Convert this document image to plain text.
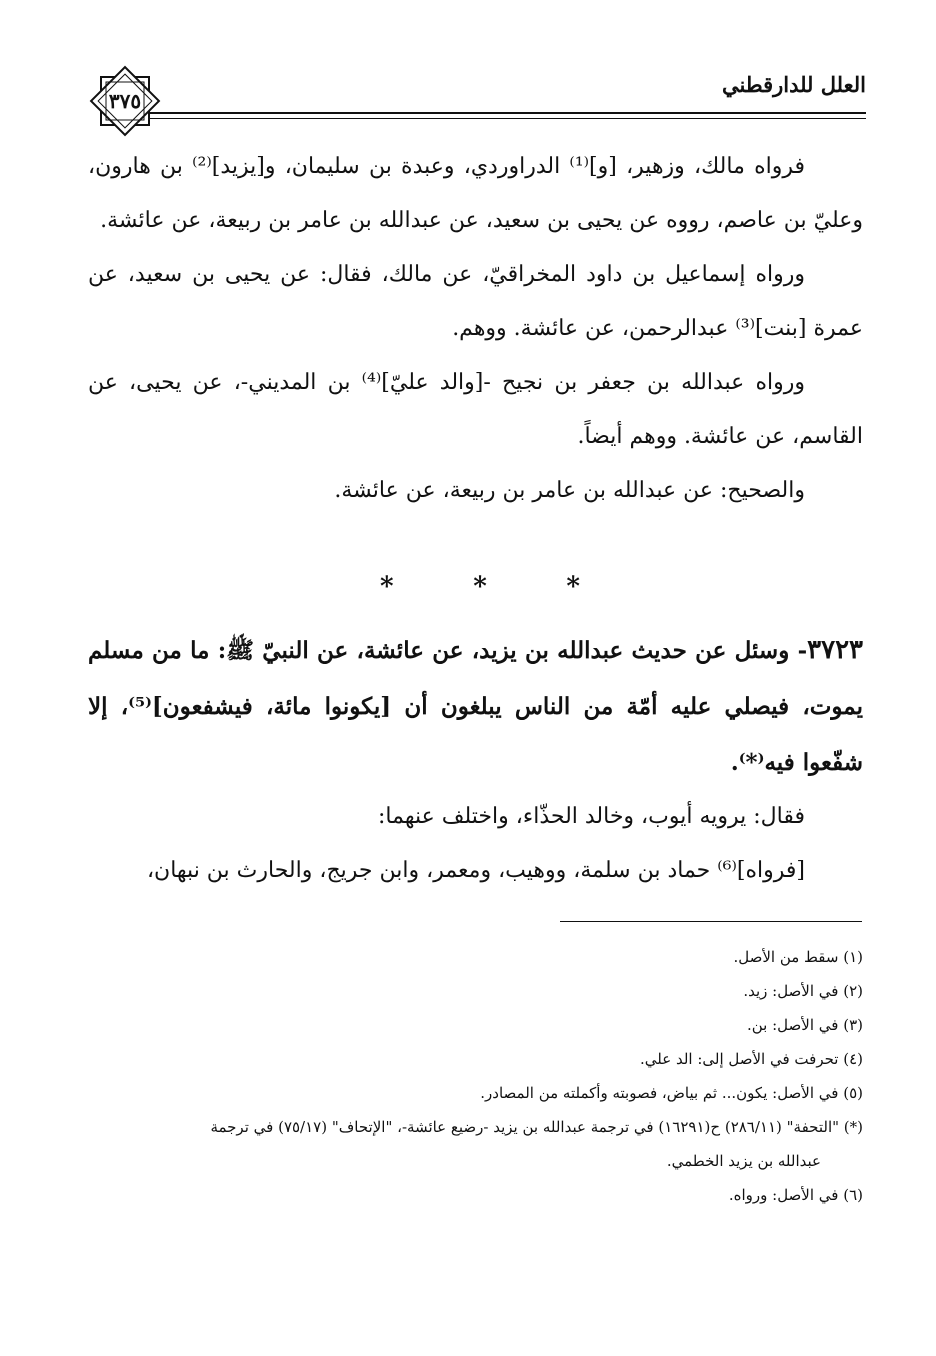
العلل للدارقطني
٣٧٥

فرواه مالك، وزهير، [و]⁽¹⁾ الدراوردي، وعبدة بن سليمان، و[يزيد]⁽²⁾ بن هارون، وعليّ بن عاصم، رووه عن يحيى بن سعيد، عن عبدالله بن عامر بن ربيعة، عن عائشة.

ورواه إسماعيل بن داود المخراقيّ، عن مالك، فقال: عن يحيى بن سعيد، عن عمرة [بنت]⁽³⁾ عبدالرحمن، عن عائشة. ووهم.

ورواه عبدالله بن جعفر بن نجيح -[والد عليّ]⁽⁴⁾ بن المديني-، عن يحيى، عن القاسم، عن عائشة. ووهم أيضاً.

والصحيح: عن عبدالله بن عامر بن ربيعة، عن عائشة.

*	*	*
٣٧٢٣- وسئل عن حديث عبدالله بن يزيد، عن عائشة، عن النبيّ ﷺ: ما من مسلم يموت، فيصلي عليه أمّة من الناس يبلغون أن [يكونوا مائة، فيشفعون]⁽⁵⁾، إلا شفّعوا فيه⁽*⁾.

فقال: يرويه أيوب، وخالد الحذّاء، واختلف عنهما:

[فرواه]⁽⁶⁾ حماد بن سلمة، ووهيب، ومعمر، وابن جريج، والحارث بن نبهان،

(١) سقط من الأصل.
(٢) في الأصل: زيد.
(٣) في الأصل: بن.
(٤) تحرفت في الأصل إلى: الد علي.
(٥) في الأصل: يكون... ثم بياض، فصوبته وأكملته من المصادر.
(*) "التحفة" (٢٨٦/١١) ح(١٦٢٩١) في ترجمة عبدالله بن يزيد -رضيع عائشة-، "الإتحاف" (٧٥/١٧) في ترجمة
عبدالله بن يزيد الخطمي.
(٦) في الأصل: ورواه.
